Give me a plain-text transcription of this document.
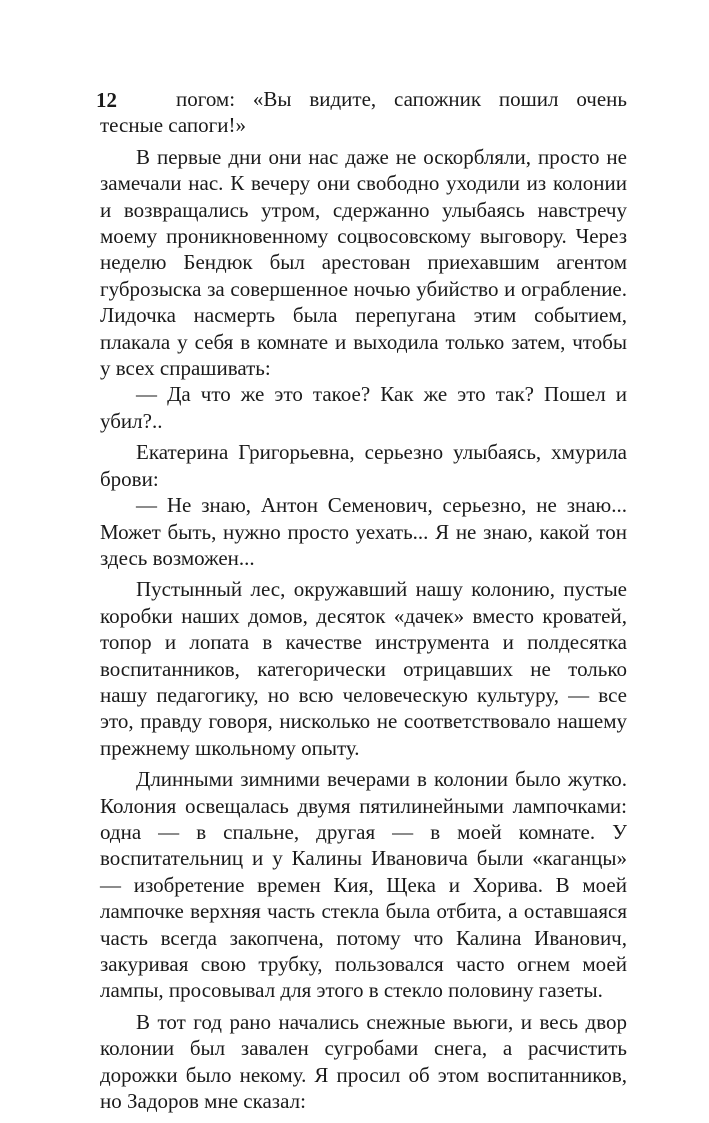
12	погом: «Вы видите, сапожник пошил очень тесные сапоги!»

В первые дни они нас даже не оскорбляли, просто не замечали нас. К вечеру они свободно уходили из колонии и возвращались утром, сдержанно улыбаясь навстречу моему проникновенному соцвосовскому выговору. Через неделю Бендюк был арестован приехавшим агентом губрозыска за совершенное ночью убийство и ограбление. Лидочка насмерть была перепугана этим событием, плакала у себя в комнате и выходила только затем, чтобы у всех спрашивать:

— Да что же это такое? Как же это так? Пошел и убил?..

Екатерина Григорьевна, серьезно улыбаясь, хмурила брови:

— Не знаю, Антон Семенович, серьезно, не знаю... Может быть, нужно просто уехать... Я не знаю, какой тон здесь возможен...

Пустынный лес, окружавший нашу колонию, пустые коробки наших домов, десяток «дачек» вместо кроватей, топор и лопата в качестве инструмента и полдесятка воспитанников, категорически отрицавших не только нашу педагогику, но всю человеческую культуру, — все это, правду говоря, нисколько не соответствовало нашему прежнему школьному опыту.

Длинными зимними вечерами в колонии было жутко. Колония освещалась двумя пятилинейными лампочками: одна — в спальне, другая — в моей комнате. У воспитательниц и у Калины Ивановича были «каганцы» — изобретение времен Кия, Щека и Хорива. В моей лампочке верхняя часть стекла была отбита, а оставшаяся часть всегда закопчена, потому что Калина Иванович, закуривая свою трубку, пользовался часто огнем моей лампы, просовывал для этого в стекло половину газеты.

В тот год рано начались снежные вьюги, и весь двор колонии был завален сугробами снега, а расчистить дорожки было некому. Я просил об этом воспитанников, но Задоров мне сказал:
